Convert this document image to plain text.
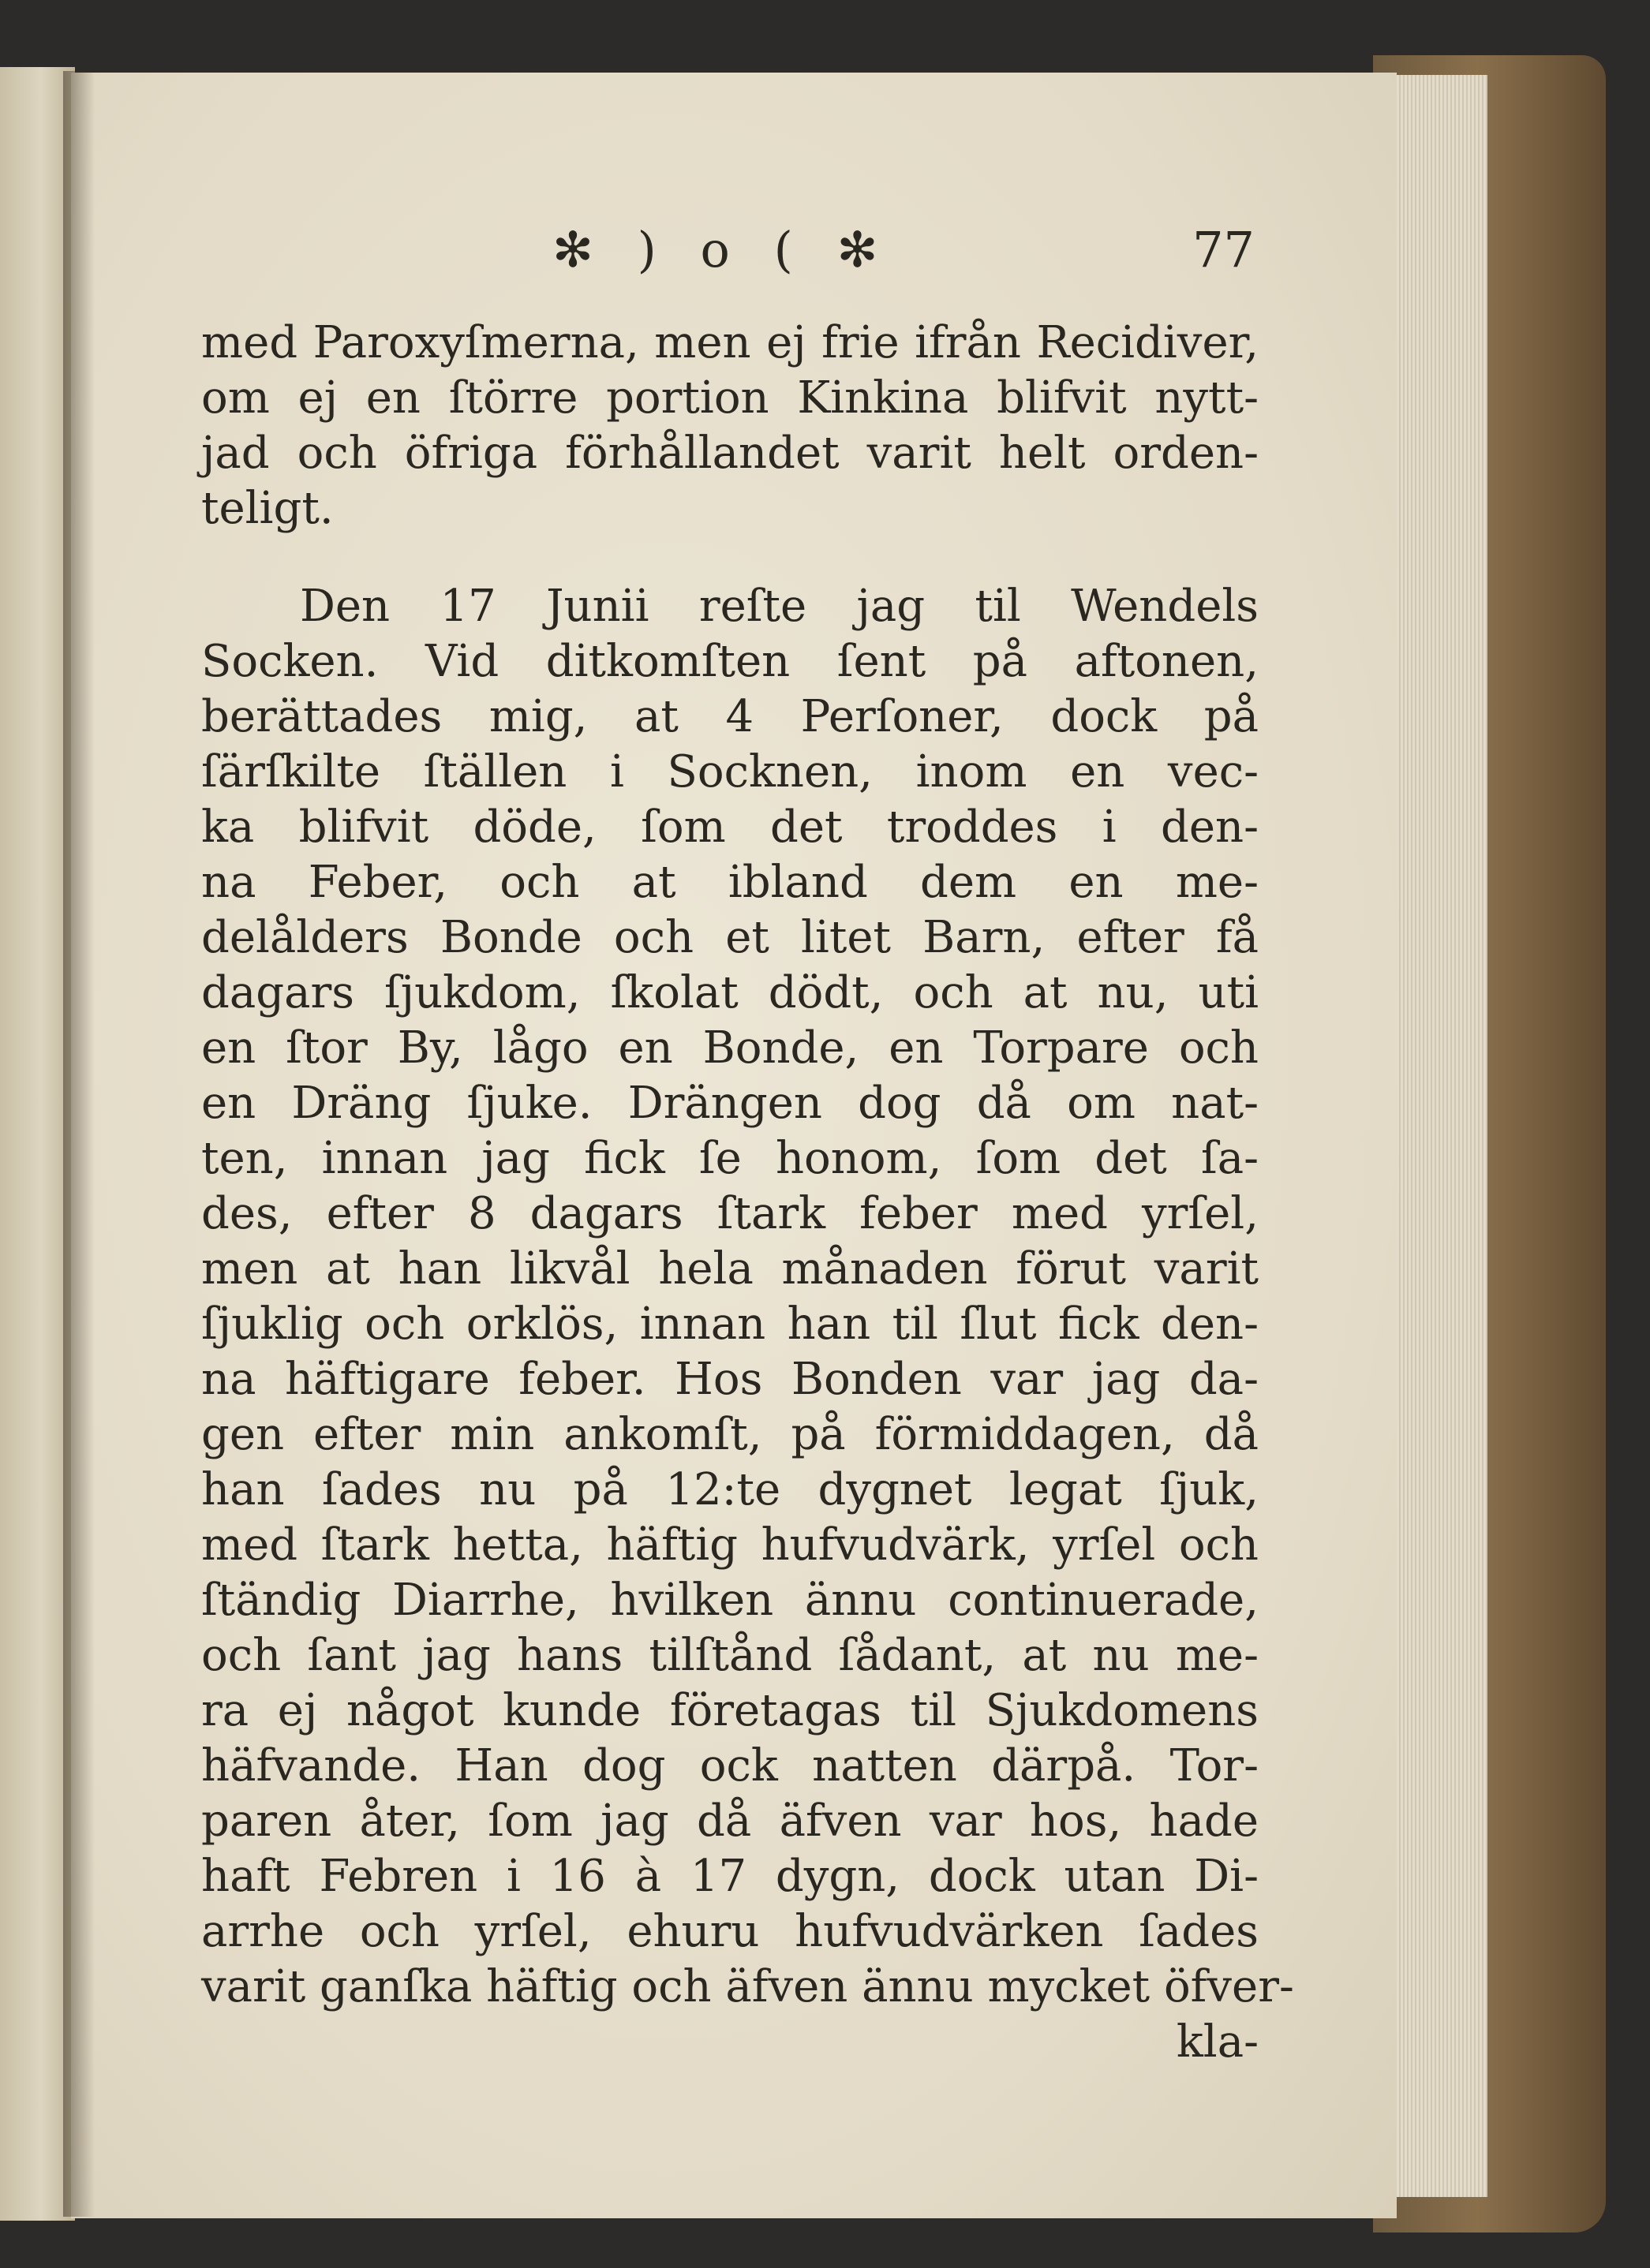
✻ ) o ( ✻	77
med Paroxyſmerna, men ej frie ifrån Recidiver,
om ej en ſtörre portion Kinkina blifvit nytt-
jad och öfriga förhållandet varit helt orden-
teligt.
Den 17 Junii reſte jag til Wendels
Socken. Vid ditkomſten ſent på aftonen,
berättades mig, at 4 Perſoner, dock på
ſärſkilte ſtällen i Socknen, inom en vec-
ka blifvit döde, ſom det troddes i den-
na Feber, och at ibland dem en me-
delålders Bonde och et litet Barn, efter få
dagars ſjukdom, ſkolat dödt, och at nu, uti
en ſtor By, lågo en Bonde, en Torpare och
en Dräng ſjuke. Drängen dog då om nat-
ten, innan jag fick ſe honom, ſom det ſa-
des, efter 8 dagars ſtark feber med yrſel,
men at han likvål hela månaden förut varit
ſjuklig och orklös, innan han til ſlut fick den-
na häftigare feber. Hos Bonden var jag da-
gen efter min ankomſt, på förmiddagen, då
han ſades nu på 12:te dygnet legat ſjuk,
med ſtark hetta, häftig hufvudvärk, yrſel och
ſtändig Diarrhe, hvilken ännu continuerade,
och ſant jag hans tilſtånd ſådant, at nu me-
ra ej något kunde företagas til Sjukdomens
häfvande. Han dog ock natten därpå. Tor-
paren åter, ſom jag då äfven var hos, hade
haft Febren i 16 à 17 dygn, dock utan Di-
arrhe och yrſel, ehuru hufvudvärken ſades
varit ganſka häftig och äfven ännu mycket öfver-
kla-
